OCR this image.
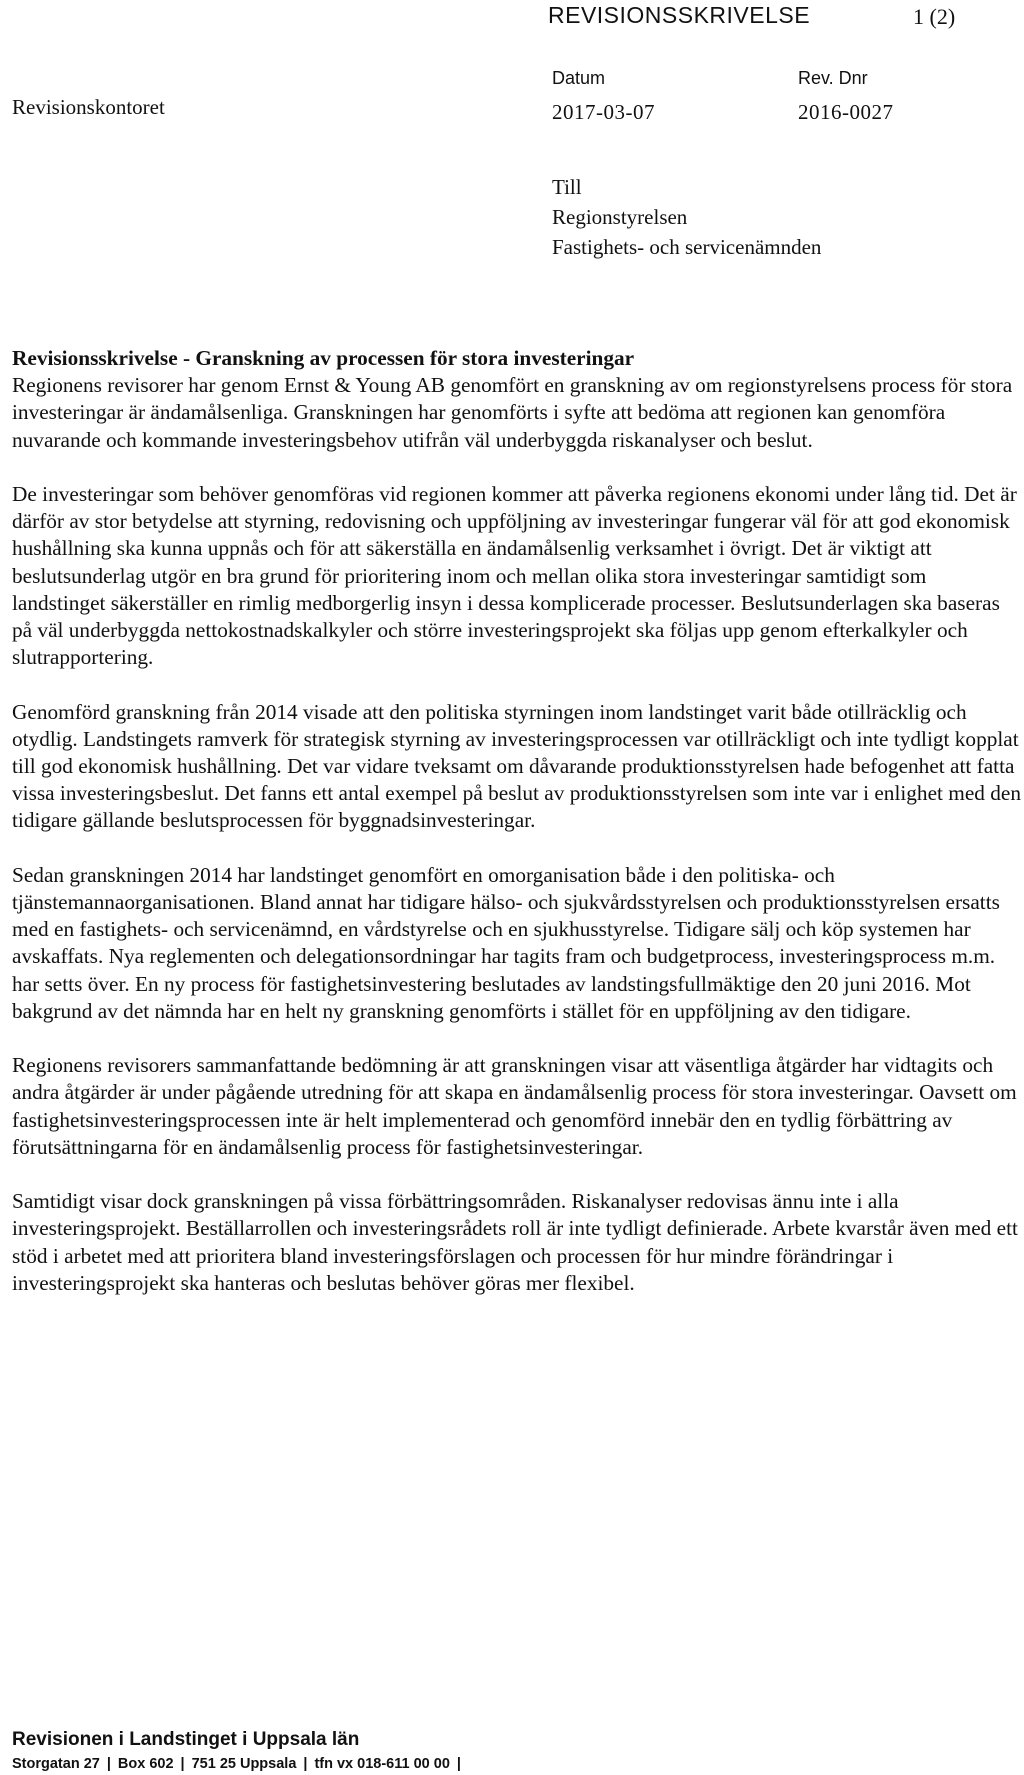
REVISIONSSKRIVELSE	1 (2)
Revisionskontoret
Datum
2017-03-07
Rev. Dnr
2016-0027
Till
Regionstyrelsen
Fastighets- och servicenämnden
Revisionsskrivelse - Granskning av processen för stora investeringar

Regionens revisorer har genom Ernst & Young AB genomfört en granskning av om regionstyrelsens process för stora investeringar är ändamålsenliga. Granskningen har genomförts i syfte att bedöma att regionen kan genomföra nuvarande och kommande investeringsbehov utifrån väl underbyggda riskanalyser och beslut.

De investeringar som behöver genomföras vid regionen kommer att påverka regionens ekonomi under lång tid. Det är därför av stor betydelse att styrning, redovisning och uppföljning av investeringar fungerar väl för att god ekonomisk hushållning ska kunna uppnås och för att säkerställa en ändamålsenlig verksamhet i övrigt. Det är viktigt att beslutsunderlag utgör en bra grund för prioritering inom och mellan olika stora investeringar samtidigt som landstinget säkerställer en rimlig medborgerlig insyn i dessa komplicerade processer. Beslutsunderlagen ska baseras på väl underbyggda nettokostnadskalkyler och större investeringsprojekt ska följas upp genom efterkalkyler och slutrapportering.

Genomförd granskning från 2014 visade att den politiska styrningen inom landstinget varit både otillräcklig och otydlig. Landstingets ramverk för strategisk styrning av investeringsprocessen var otillräckligt och inte tydligt kopplat till god ekonomisk hushållning. Det var vidare tveksamt om dåvarande produktionsstyrelsen hade befogenhet att fatta vissa investeringsbeslut. Det fanns ett antal exempel på beslut av produktionsstyrelsen som inte var i enlighet med den tidigare gällande beslutsprocessen för byggnadsinvesteringar.

Sedan granskningen 2014 har landstinget genomfört en omorganisation både i den politiska- och tjänstemannaorganisationen. Bland annat har tidigare hälso- och sjukvårdsstyrelsen och produktionsstyrelsen ersatts med en fastighets- och servicenämnd, en vårdstyrelse och en sjukhusstyrelse. Tidigare sälj och köp systemen har avskaffats. Nya reglementen och delegationsordningar har tagits fram och budgetprocess, investeringsprocess m.m. har setts över. En ny process för fastighetsinvestering beslutades av landstingsfullmäktige den 20 juni 2016. Mot bakgrund av det nämnda har en helt ny granskning genomförts i stället för en uppföljning av den tidigare.

Regionens revisorers sammanfattande bedömning är att granskningen visar att väsentliga åtgärder har vidtagits och andra åtgärder är under pågående utredning för att skapa en ändamålsenlig process för stora investeringar. Oavsett om fastighetsinvesteringsprocessen inte är helt implementerad och genomförd innebär den en tydlig förbättring av förutsättningarna för en ändamålsenlig process för fastighetsinvesteringar.

Samtidigt visar dock granskningen på vissa förbättringsområden. Riskanalyser redovisas ännu inte i alla investeringsprojekt. Beställarrollen och investeringsrådets roll är inte tydligt definierade. Arbete kvarstår även med ett stöd i arbetet med att prioritera bland investeringsförslagen och processen för hur mindre förändringar i investeringsprojekt ska hanteras och beslutas behöver göras mer flexibel.

Revisionen i Landstinget i Uppsala län
Storgatan 27 | Box 602 | 751 25 Uppsala | tfn vx 018-611 00 00 |
